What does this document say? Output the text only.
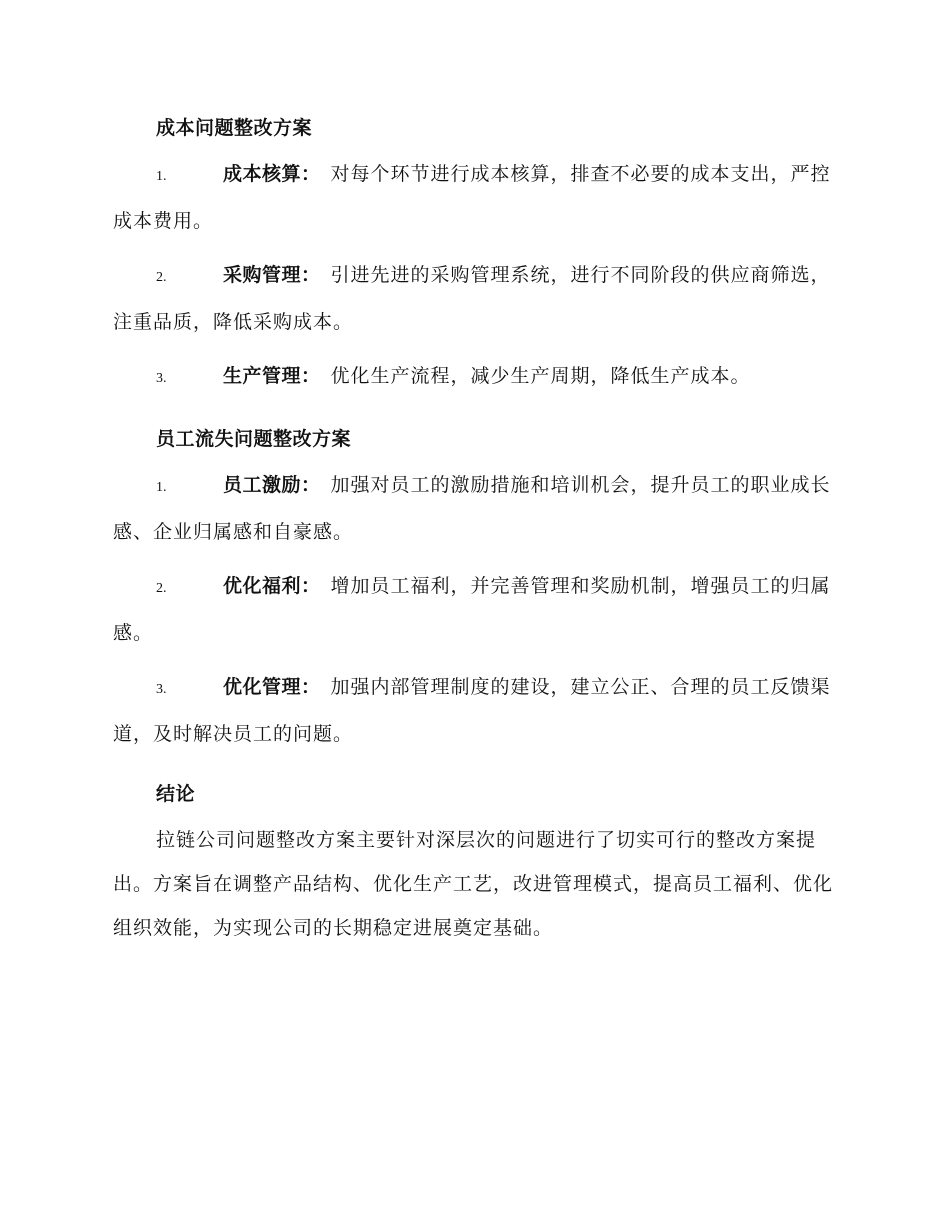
成本问题整改方案

1.	成本核算： 对每个环节进行成本核算，排查不必要的成本支出，严控成本费用。

2.	采购管理： 引进先进的采购管理系统，进行不同阶段的供应商筛选，注重品质，降低采购成本。

3.	生产管理： 优化生产流程，减少生产周期，降低生产成本。

员工流失问题整改方案

1.	员工激励： 加强对员工的激励措施和培训机会，提升员工的职业成长感、企业归属感和自豪感。

2.	优化福利： 增加员工福利，并完善管理和奖励机制，增强员工的归属感。

3.	优化管理： 加强内部管理制度的建设，建立公正、合理的员工反馈渠道，及时解决员工的问题。

结论

拉链公司问题整改方案主要针对深层次的问题进行了切实可行的整改方案提出。方案旨在调整产品结构、优化生产工艺，改进管理模式，提高员工福利、优化组织效能，为实现公司的长期稳定进展奠定基础。
